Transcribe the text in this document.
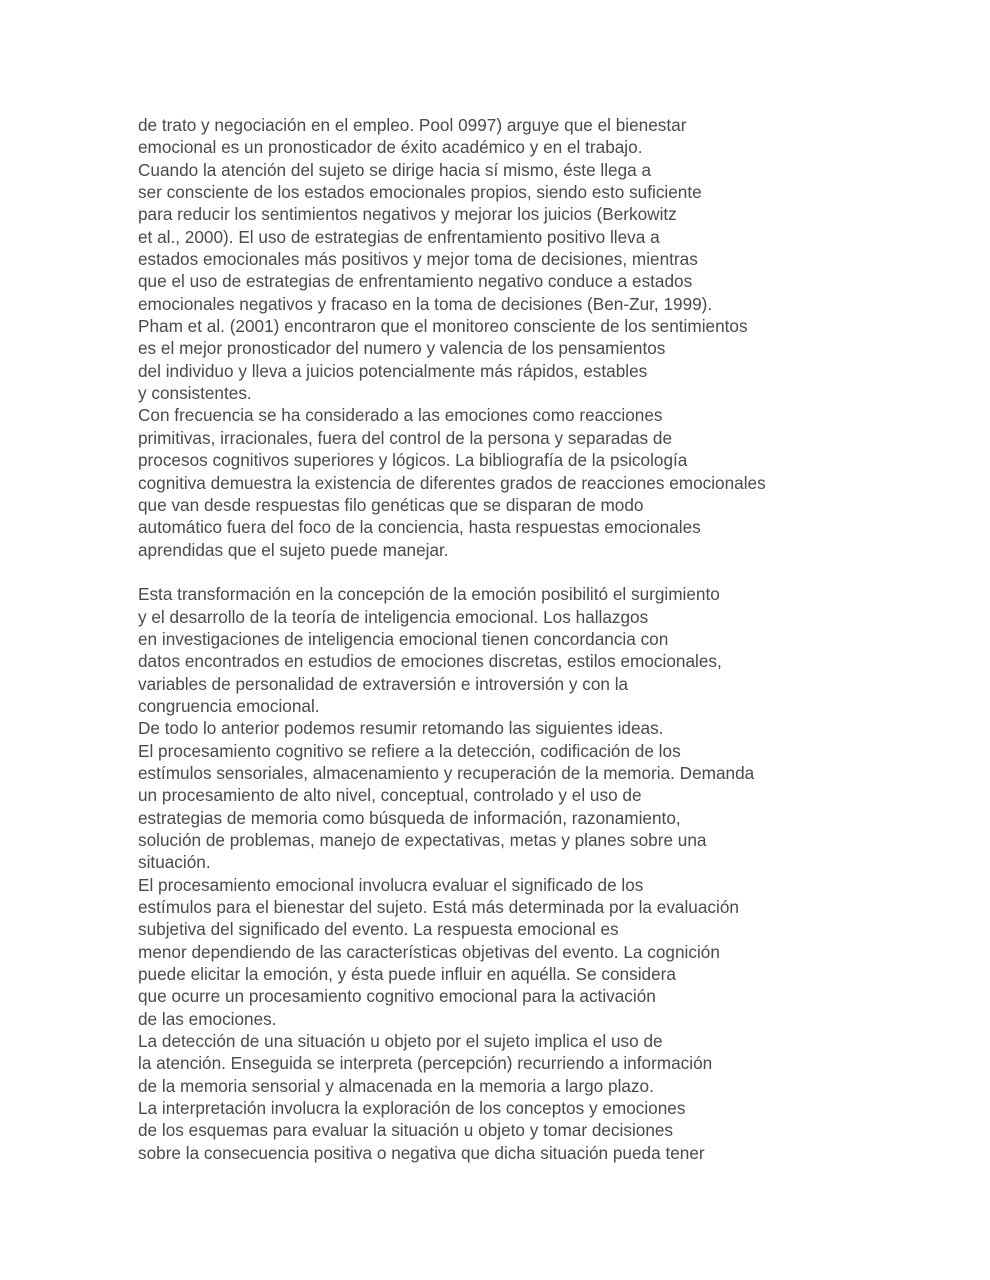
de trato y negociación en el empleo. Pool 0997) arguye que el bienestar
emocional es un pronosticador de éxito académico y en el trabajo.
Cuando la atención del sujeto se dirige hacia sí mismo, éste llega a
ser consciente de los estados emocionales propios, siendo esto suficiente
para reducir los sentimientos negativos y mejorar los juicios (Berkowitz
et al., 2000). El uso de estrategias de enfrentamiento positivo lleva a
estados emocionales más positivos y mejor toma de decisiones, mientras
que el uso de estrategias de enfrentamiento negativo conduce a estados
emocionales negativos y fracaso en la toma de decisiones (Ben-Zur, 1999).
Pham et al. (2001) encontraron que el monitoreo consciente de los sentimientos
es el mejor pronosticador del numero y valencia de los pensamientos
del individuo y lleva a juicios potencialmente más rápidos, estables
y consistentes.
Con frecuencia se ha considerado a las emociones como reacciones
primitivas, irracionales, fuera del control de la persona y separadas de
procesos cognitivos superiores y lógicos. La bibliografía de la psicología
cognitiva demuestra la existencia de diferentes grados de reacciones emocionales
que van desde respuestas filo genéticas que se disparan de modo
automático fuera del foco de la conciencia, hasta respuestas emocionales
aprendidas que el sujeto puede manejar.
Esta transformación en la concepción de la emoción posibilitó el surgimiento
y el desarrollo de la teoría de inteligencia emocional. Los hallazgos
en investigaciones de inteligencia emocional tienen concordancia con
datos encontrados en estudios de emociones discretas, estilos emocionales,
variables de personalidad de extraversión e introversión y con la
congruencia emocional.
De todo lo anterior podemos resumir retomando las siguientes ideas.
El procesamiento cognitivo se refiere a la detección, codificación de los
estímulos sensoriales, almacenamiento y recuperación de la memoria. Demanda
un procesamiento de alto nivel, conceptual, controlado y el uso de
estrategias de memoria como búsqueda de información, razonamiento,
solución de problemas, manejo de expectativas, metas y planes sobre una
situación.
El procesamiento emocional involucra evaluar el significado de los
estímulos para el bienestar del sujeto. Está más determinada por la evaluación
subjetiva del significado del evento. La respuesta emocional es
menor dependiendo de las características objetivas del evento. La cognición
puede elicitar la emoción, y ésta puede influir en aquélla. Se considera
que ocurre un procesamiento cognitivo emocional para la activación
de las emociones.
La detección de una situación u objeto por el sujeto implica el uso de
la atención. Enseguida se interpreta (percepción) recurriendo a información
de la memoria sensorial y almacenada en la memoria a largo plazo.
La interpretación involucra la exploración de los conceptos y emociones
de los esquemas para evaluar la situación u objeto y tomar decisiones
sobre la consecuencia positiva o negativa que dicha situación pueda tener
